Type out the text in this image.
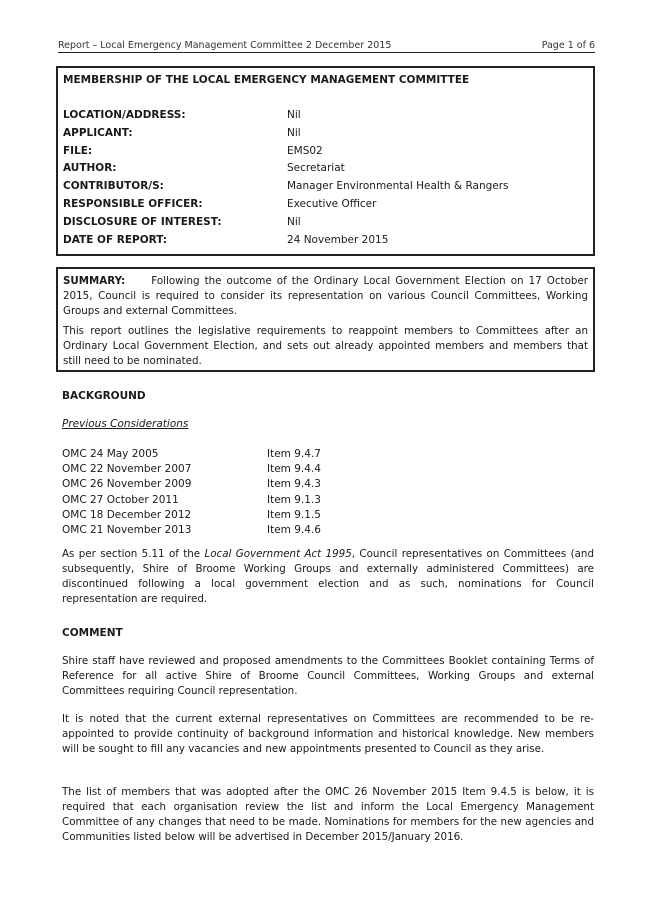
Report – Local Emergency Management Committee 2 December 2015	Page 1 of 6
MEMBERSHIP OF THE LOCAL EMERGENCY MANAGEMENT COMMITTEE
LOCATION/ADDRESS:	Nil
APPLICANT:	Nil
FILE:	EMS02
AUTHOR:	Secretariat
CONTRIBUTOR/S:	Manager Environmental Health & Rangers
RESPONSIBLE OFFICER:	Executive Officer
DISCLOSURE OF INTEREST:	Nil
DATE OF REPORT:	24 November 2015
SUMMARY:	Following the outcome of the Ordinary Local Government Election on 17 October 2015, Council is required to consider its representation on various Council Committees, Working Groups and external Committees.
This report outlines the legislative requirements to reappoint members to Committees after an Ordinary Local Government Election, and sets out already appointed members and members that still need to be nominated.
BACKGROUND
Previous Considerations
OMC 24 May 2005	Item 9.4.7
OMC 22 November 2007	Item 9.4.4
OMC 26 November 2009	Item 9.4.3
OMC 27 October 2011	Item 9.1.3
OMC 18 December 2012	Item 9.1.5
OMC 21 November 2013	Item 9.4.6
As per section 5.11 of the Local Government Act 1995, Council representatives on Committees (and subsequently, Shire of Broome Working Groups and externally administered Committees) are discontinued following a local government election and as such, nominations for Council representation are required.
COMMENT
Shire staff have reviewed and proposed amendments to the Committees Booklet containing Terms of Reference for all active Shire of Broome Council Committees, Working Groups and external Committees requiring Council representation.
It is noted that the current external representatives on Committees are recommended to be re-appointed to provide continuity of background information and historical knowledge. New members will be sought to fill any vacancies and new appointments presented to Council as they arise.
The list of members that was adopted after the OMC 26 November 2015 Item 9.4.5 is below, it is required that each organisation review the list and inform the Local Emergency Management Committee of any changes that need to be made. Nominations for members for the new agencies and Communities listed below will be advertised in December 2015/January 2016.
